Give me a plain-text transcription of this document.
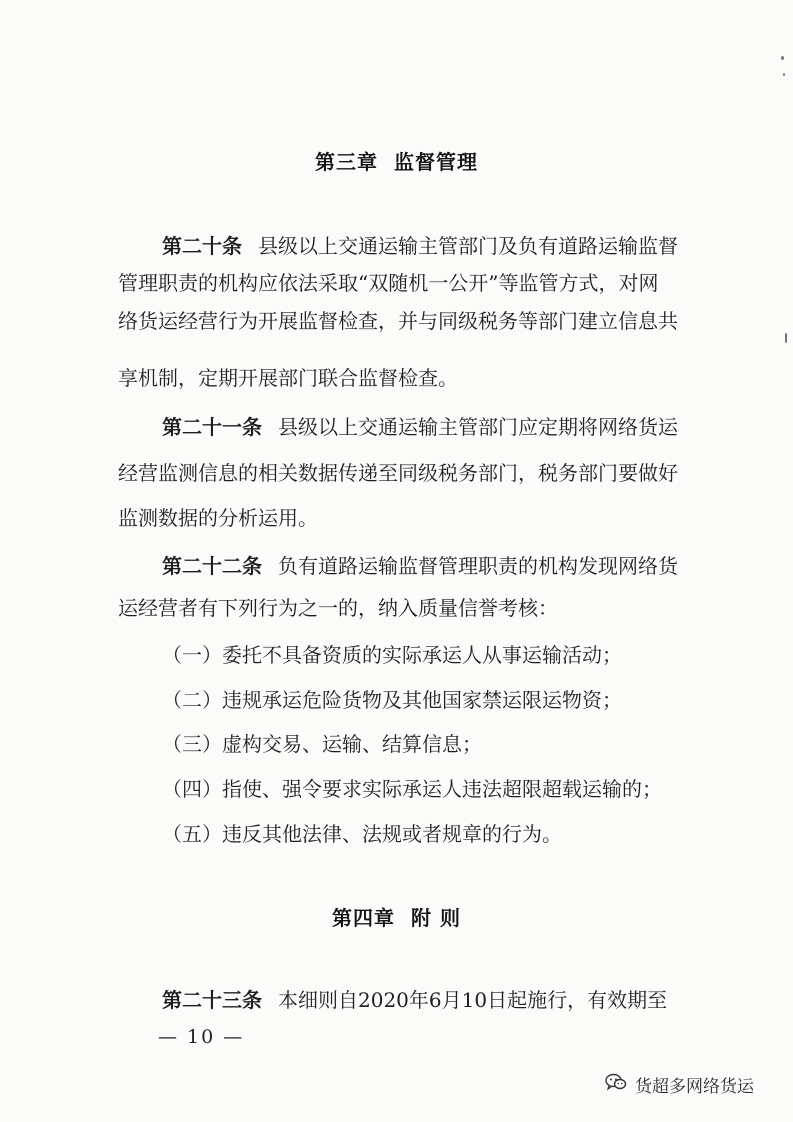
第三章 监督管理
第二十条 县级以上交通运输主管部门及负有道路运输监督
管理职责的机构应依法采取“双随机一公开”等监管方式，对网
络货运经营行为开展监督检查，并与同级税务等部门建立信息共
享机制，定期开展部门联合监督检查。
第二十一条 县级以上交通运输主管部门应定期将网络货运
经营监测信息的相关数据传递至同级税务部门，税务部门要做好
监测数据的分析运用。
第二十二条 负有道路运输监督管理职责的机构发现网络货
运经营者有下列行为之一的，纳入质量信誉考核：
（一）委托不具备资质的实际承运人从事运输活动；
（二）违规承运危险货物及其他国家禁运限运物资；
（三）虚构交易、运输、结算信息；
（四）指使、强令要求实际承运人违法超限超载运输的；
（五）违反其他法律、法规或者规章的行为。
第四章 附 则
第二十三条 本细则自2020年6月10日起施行，有效期至
— 10 —
货超多网络货运
